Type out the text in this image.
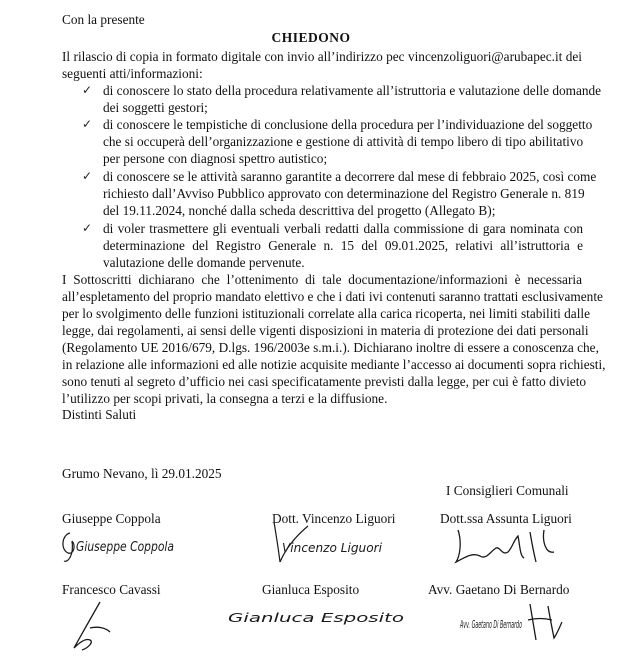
Con la presente
CHIEDONO
Il rilascio di copia in formato digitale con invio all’indirizzo pec vincenzoliguori@arubapec.it dei
seguenti atti/informazioni:
✓ di conoscere lo stato della procedura relativamente all’istruttoria e valutazione delle domande
dei soggetti gestori;
✓ di conoscere le tempistiche di conclusione della procedura per l’individuazione del soggetto
che si occuperà dell’organizzazione e gestione di attività di tempo libero di tipo abilitativo
per persone con diagnosi spettro autistico;
✓ di conoscere se le attività saranno garantite a decorrere dal mese di febbraio 2025, così come
richiesto dall’Avviso Pubblico approvato con determinazione del Registro Generale n. 819
del 19.11.2024, nonché dalla scheda descrittiva del progetto (Allegato B);
✓ di voler trasmettere gli eventuali verbali redatti dalla commissione di gara nominata con
determinazione del Registro Generale n. 15 del 09.01.2025, relativi all’istruttoria e
valutazione delle domande pervenute.
I Sottoscritti dichiarano che l’ottenimento di tale documentazione/informazioni è necessaria
all’espletamento del proprio mandato elettivo e che i dati ivi contenuti saranno trattati esclusivamente
per lo svolgimento delle funzioni istituzionali correlate alla carica ricoperta, nei limiti stabiliti dalle
legge, dai regolamenti, ai sensi delle vigenti disposizioni in materia di protezione dei dati personali
(Regolamento UE 2016/679, D.lgs. 196/2003e s.m.i.). Dichiarano inoltre di essere a conoscenza che,
in relazione alle informazioni ed alle notizie acquisite mediante l’accesso ai documenti sopra richiesti,
sono tenuti al segreto d’ufficio nei casi specificatamente previsti dalla legge, per cui è fatto divieto
l’utilizzo per scopi privati, la consegna a terzi e la diffusione.
Distinti Saluti
Grumo Nevano, lì 29.01.2025
I Consiglieri Comunali
Giuseppe Coppola	Dott. Vincenzo Liguori	Dott.ssa Assunta Liguori
Giuseppe Coppola	Vincenzo Liguori
Francesco Cavassi	Gianluca Esposito	Avv. Gaetano Di Bernardo
Gianluca Esposito	Avv. Gaetano Di Bernardo
